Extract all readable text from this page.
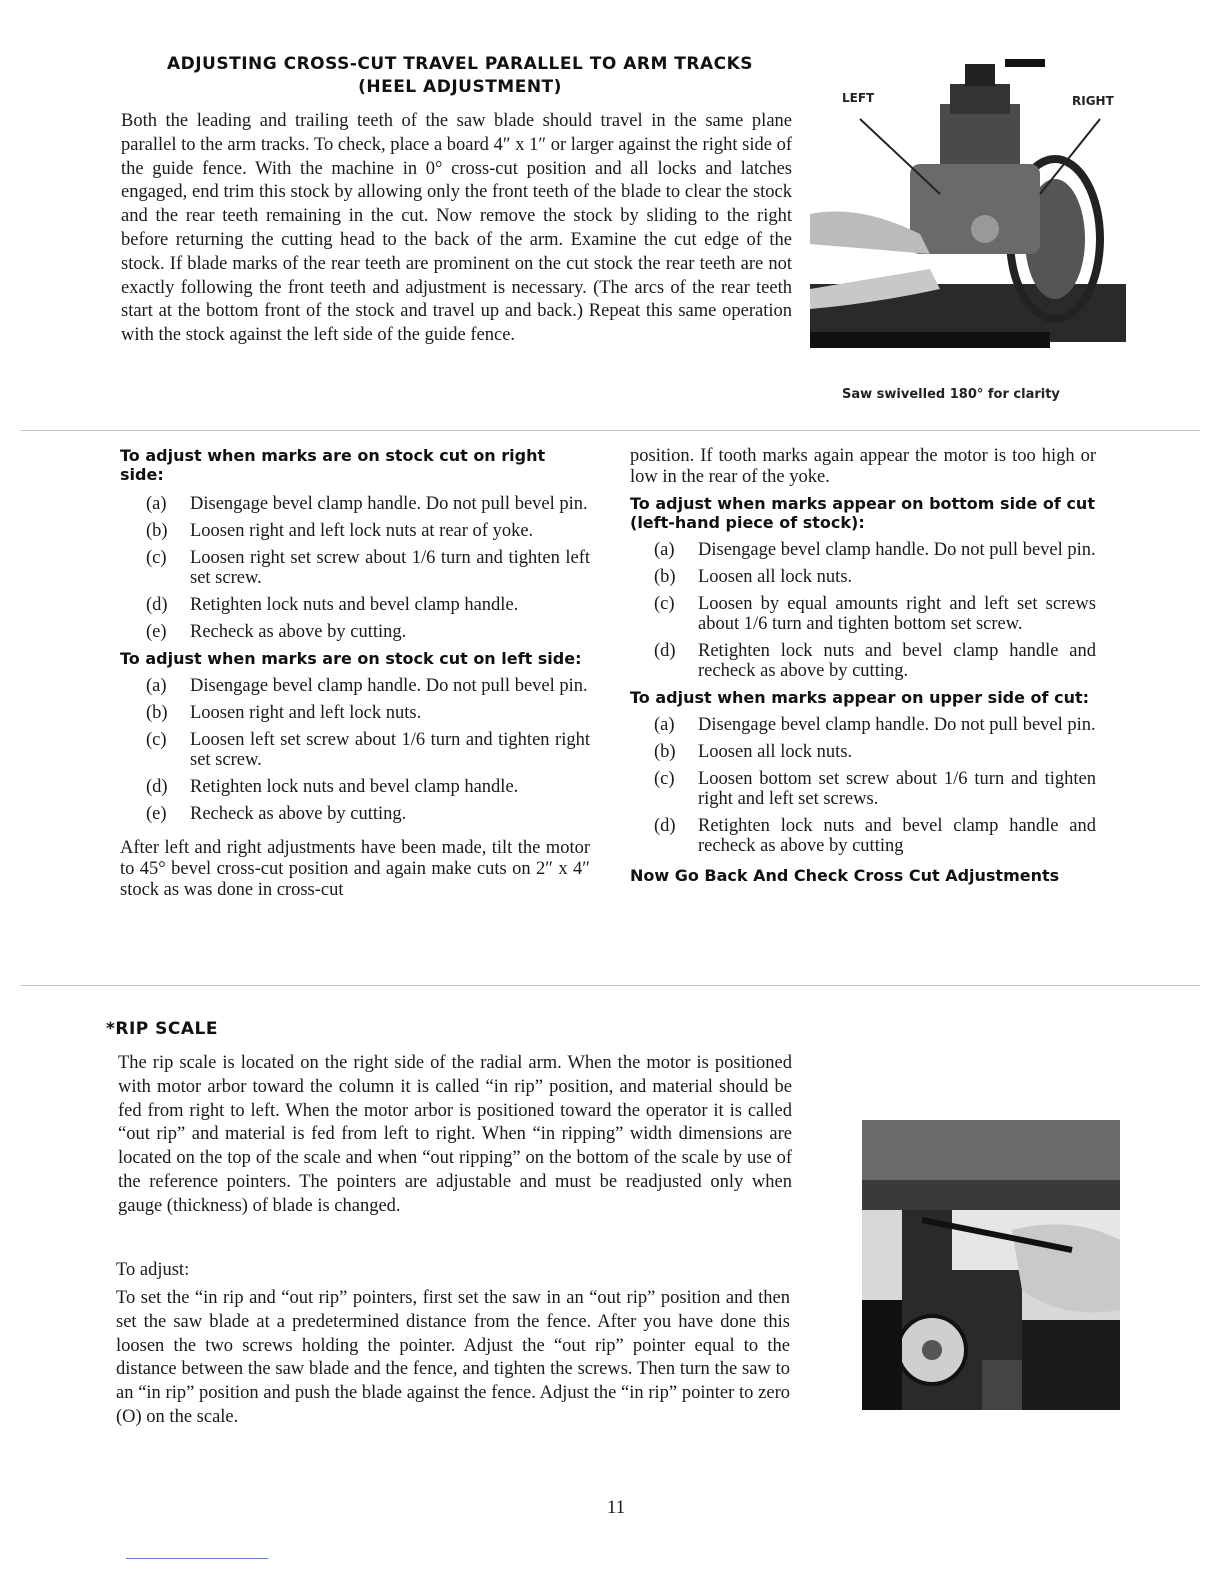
ADJUSTING CROSS-CUT TRAVEL PARALLEL TO ARM TRACKS
(HEEL ADJUSTMENT)
Both the leading and trailing teeth of the saw blade should travel in the same plane parallel to the arm tracks. To check, place a board 4″ x 1″ or larger against the right side of the guide fence. With the machine in 0° cross-cut position and all locks and latches engaged, end trim this stock by allowing only the front teeth of the blade to clear the stock and the rear teeth remaining in the cut. Now remove the stock by sliding to the right before returning the cutting head to the back of the arm. Examine the cut edge of the stock. If blade marks of the rear teeth are prominent on the cut stock the rear teeth are not exactly following the front teeth and adjustment is necessary. (The arcs of the rear teeth start at the bottom front of the stock and travel up and back.) Repeat this same operation with the stock against the left side of the guide fence.
LEFT	RIGHT
Saw swivelled 180° for clarity
To adjust when marks are on stock cut on right side:
(a)	Disengage bevel clamp handle. Do not pull bevel pin.
(b)	Loosen right and left lock nuts at rear of yoke.
(c)	Loosen right set screw about 1/6 turn and tighten left set screw.
(d)	Retighten lock nuts and bevel clamp handle.
(e)	Recheck as above by cutting.
To adjust when marks are on stock cut on left side:
(a)	Disengage bevel clamp handle. Do not pull bevel pin.
(b)	Loosen right and left lock nuts.
(c)	Loosen left set screw about 1/6 turn and tighten right set screw.
(d)	Retighten lock nuts and bevel clamp handle.
(e)	Recheck as above by cutting.
After left and right adjustments have been made, tilt the motor to 45° bevel cross-cut position and again make cuts on 2″ x 4″ stock as was done in cross-cut
position. If tooth marks again appear the motor is too high or low in the rear of the yoke.
To adjust when marks appear on bottom side of cut (left-hand piece of stock):
(a)	Disengage bevel clamp handle. Do not pull bevel pin.
(b)	Loosen all lock nuts.
(c)	Loosen by equal amounts right and left set screws about 1/6 turn and tighten bottom set screw.
(d)	Retighten lock nuts and bevel clamp handle and recheck as above by cutting.
To adjust when marks appear on upper side of cut:
(a)	Disengage bevel clamp handle. Do not pull bevel pin.
(b)	Loosen all lock nuts.
(c)	Loosen bottom set screw about 1/6 turn and tighten right and left set screws.
(d)	Retighten lock nuts and bevel clamp handle and recheck as above by cutting
Now Go Back And Check Cross Cut Adjustments
*RIP SCALE
The rip scale is located on the right side of the radial arm. When the motor is positioned with motor arbor toward the column it is called “in rip” position, and material should be fed from right to left. When the motor arbor is positioned toward the operator it is called “out rip” and material is fed from left to right. When “in ripping” width dimensions are located on the top of the scale and when “out ripping” on the bottom of the scale by use of the reference pointers. The pointers are adjustable and must be readjusted only when gauge (thickness) of blade is changed.
To adjust:
To set the “in rip and “out rip” pointers, first set the saw in an “out rip” position and then set the saw blade at a predetermined distance from the fence. After you have done this loosen the two screws holding the pointer. Adjust the “out rip” pointer equal to the distance between the saw blade and the fence, and tighten the screws. Then turn the saw to an “in rip” position and push the blade against the fence. Adjust the “in rip” pointer to zero (O) on the scale.
11
